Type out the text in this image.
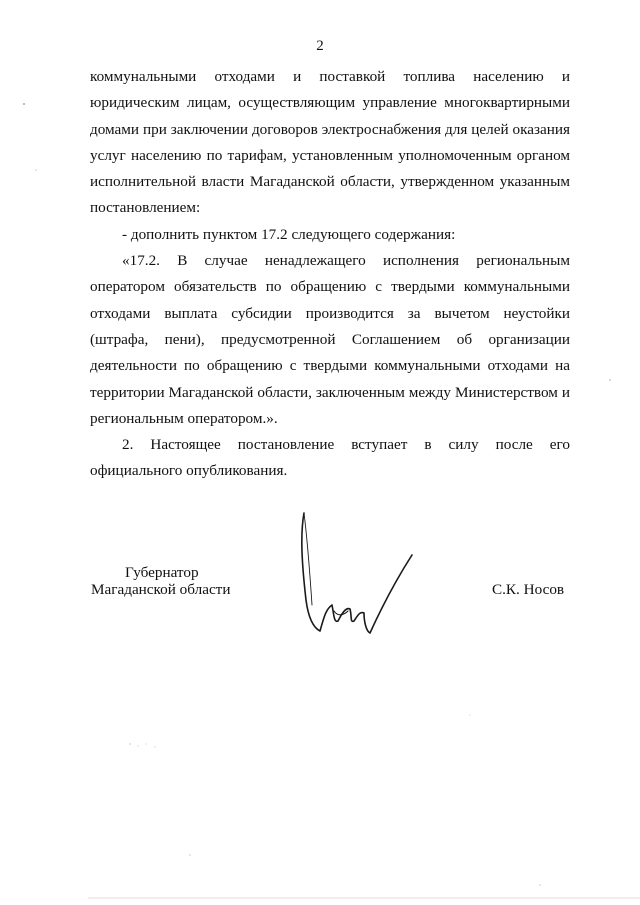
2

коммунальными отходами и поставкой топлива населению и юридическим лицам, осуществляющим управление многоквартирными домами при заключении договоров электроснабжения для целей оказания услуг населению по тарифам, установленным уполномоченным органом исполнительной власти Магаданской области, утвержденном указанным постановлением:

- дополнить пунктом 17.2 следующего содержания:

«17.2. В случае ненадлежащего исполнения региональным оператором обязательств по обращению с твердыми коммунальными отходами выплата субсидии производится за вычетом неустойки (штрафа, пени), предусмотренной Соглашением об организации деятельности по обращению с твердыми коммунальными отходами на территории Магаданской области, заключенным между Министерством и региональным оператором.».

2. Настоящее постановление вступает в силу после его официального опубликования.

Губернатор
Магаданской области	С.К. Носов
